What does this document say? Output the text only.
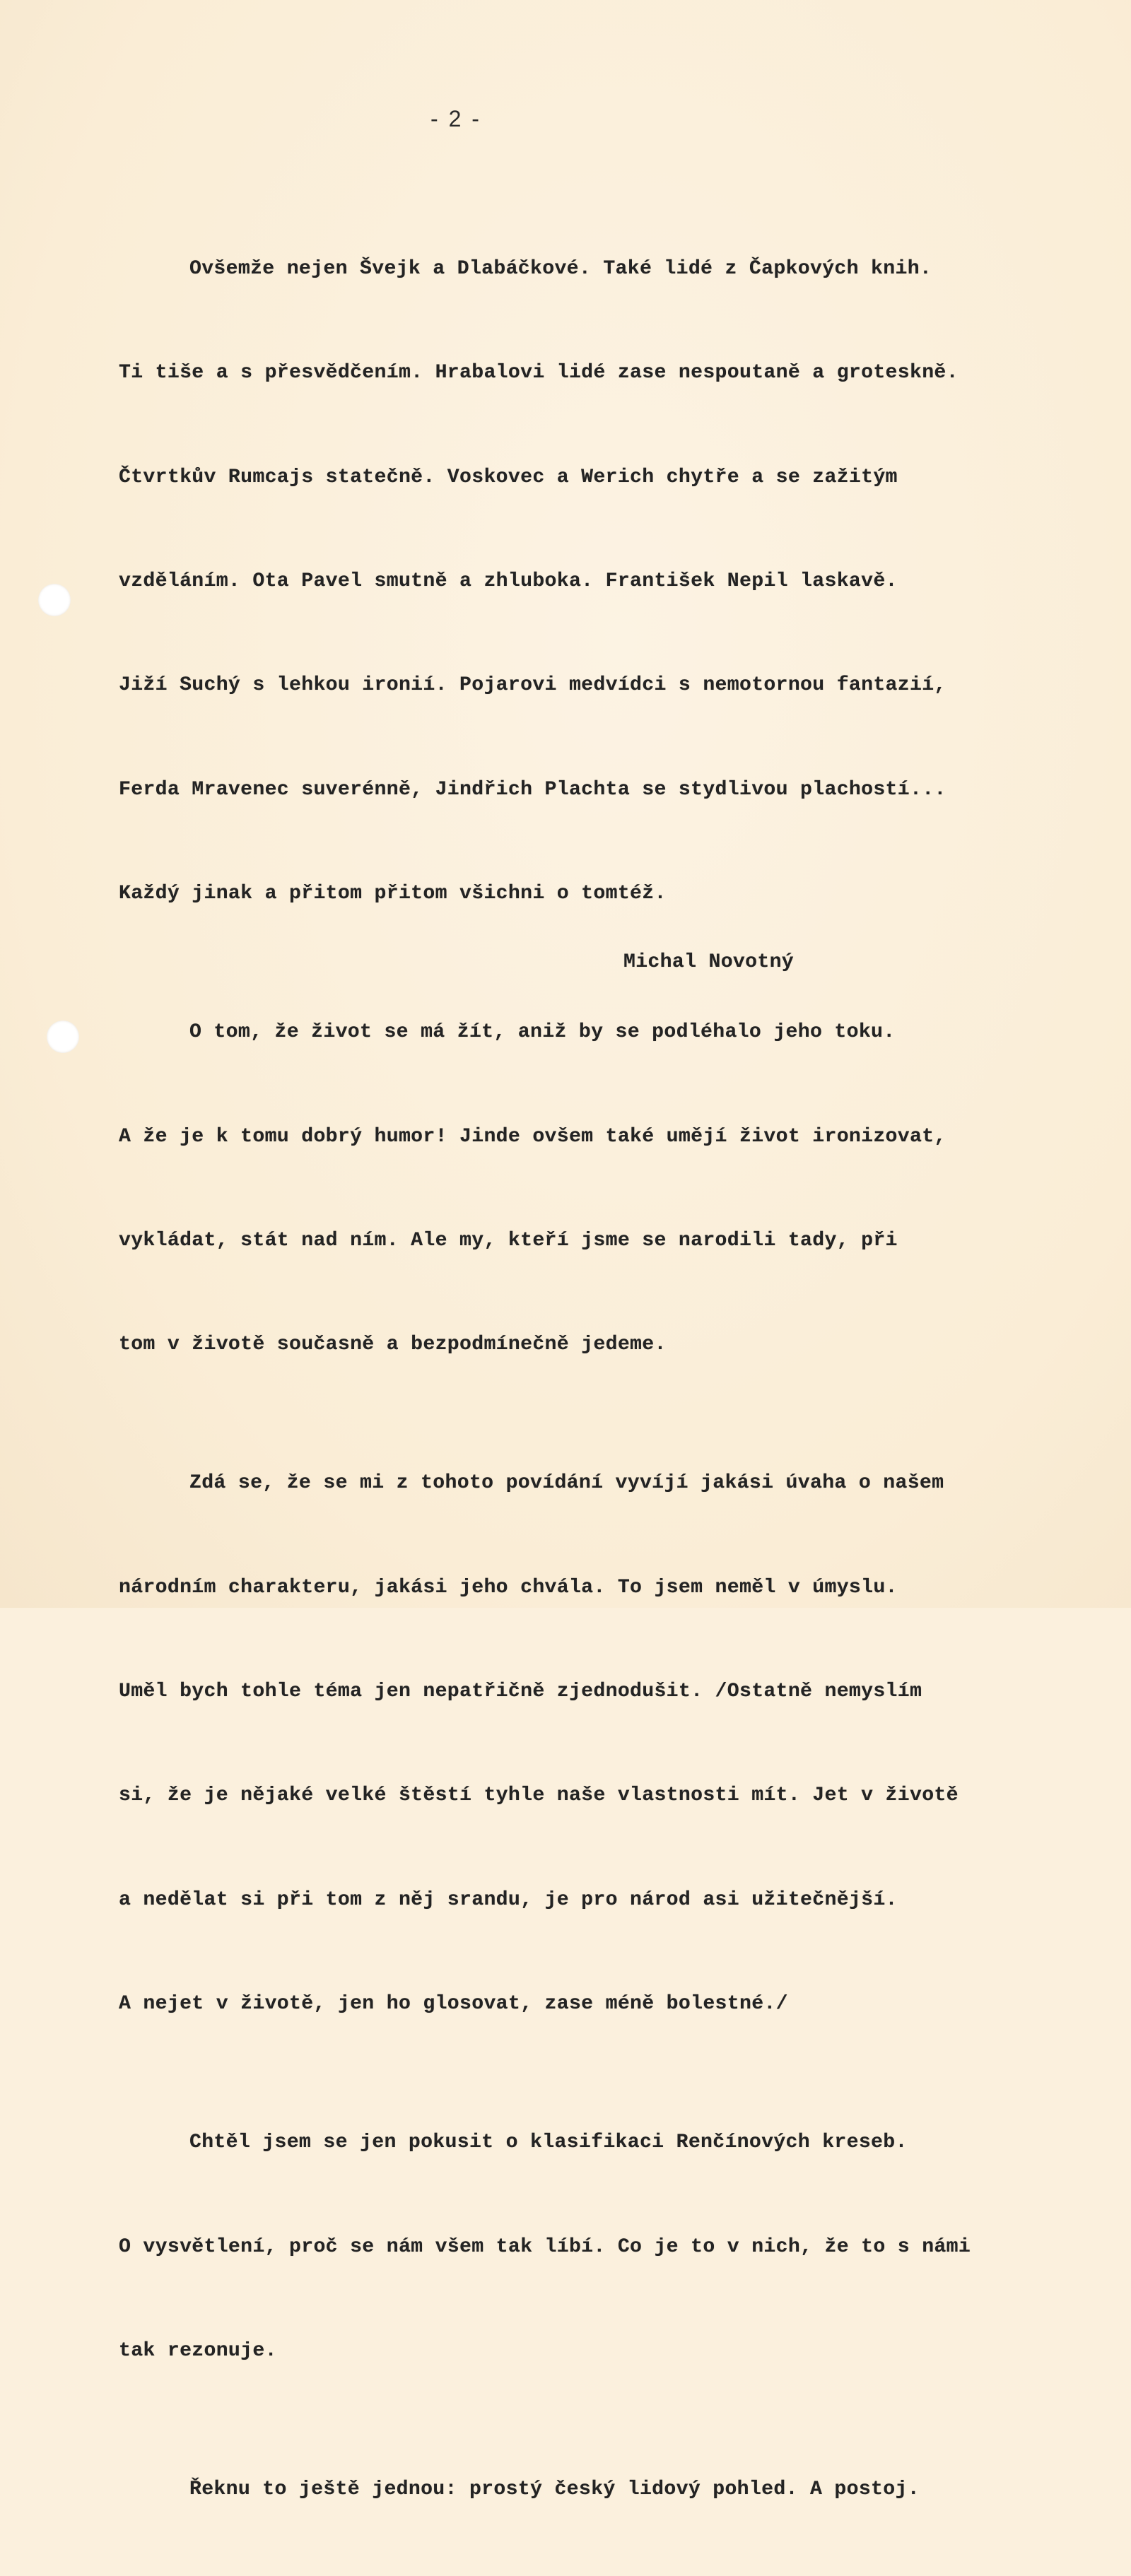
- 2 -

Ovšemže nejen Švejk a Dlabáčkové. Také lidé z Čapkových knih.

Ti tiše a s přesvědčením. Hrabalovi lidé zase nespoutaně a groteskně.

Čtvrtkův Rumcajs statečně. Voskovec a Werich chytře a se zažitým

vzděláním. Ota Pavel smutně a zhluboka. František Nepil laskavě.

Jiží Suchý s lehkou ironií. Pojarovi medvídci s nemotornou fantazií,

Ferda Mravenec suverénně, Jindřich Plachta se stydlivou plachostí...

Každý jinak a přitom přitom všichni o tomtéž.

O tom, že život se má žít, aniž by se podléhalo jeho toku.

A že je k tomu dobrý humor! Jinde ovšem také umějí život ironizovat,

vykládat, stát nad ním. Ale my, kteří jsme se narodili tady, při

tom v životě současně a bezpodmínečně jedeme.

Zdá se, že se mi z tohoto povídání vyvíjí jakási úvaha o našem

národním charakteru, jakási jeho chvála. To jsem neměl v úmyslu.

Uměl bych tohle téma jen nepatřičně zjednodušit. /Ostatně nemyslím

si, že je nějaké velké štěstí tyhle naše vlastnosti mít. Jet v životě

a nedělat si při tom z něj srandu, je pro národ asi užitečnější.

A nejet v životě, jen ho glosovat, zase méně bolestné./

Chtěl jsem se jen pokusit o klasifikaci Renčínových kreseb.

O vysvětlení, proč se nám všem tak líbí. Co je to v nich, že to s námi

tak rezonuje.

Řeknu to ještě jednou: prostý český lidový pohled. A postoj.

Michal Novotný
